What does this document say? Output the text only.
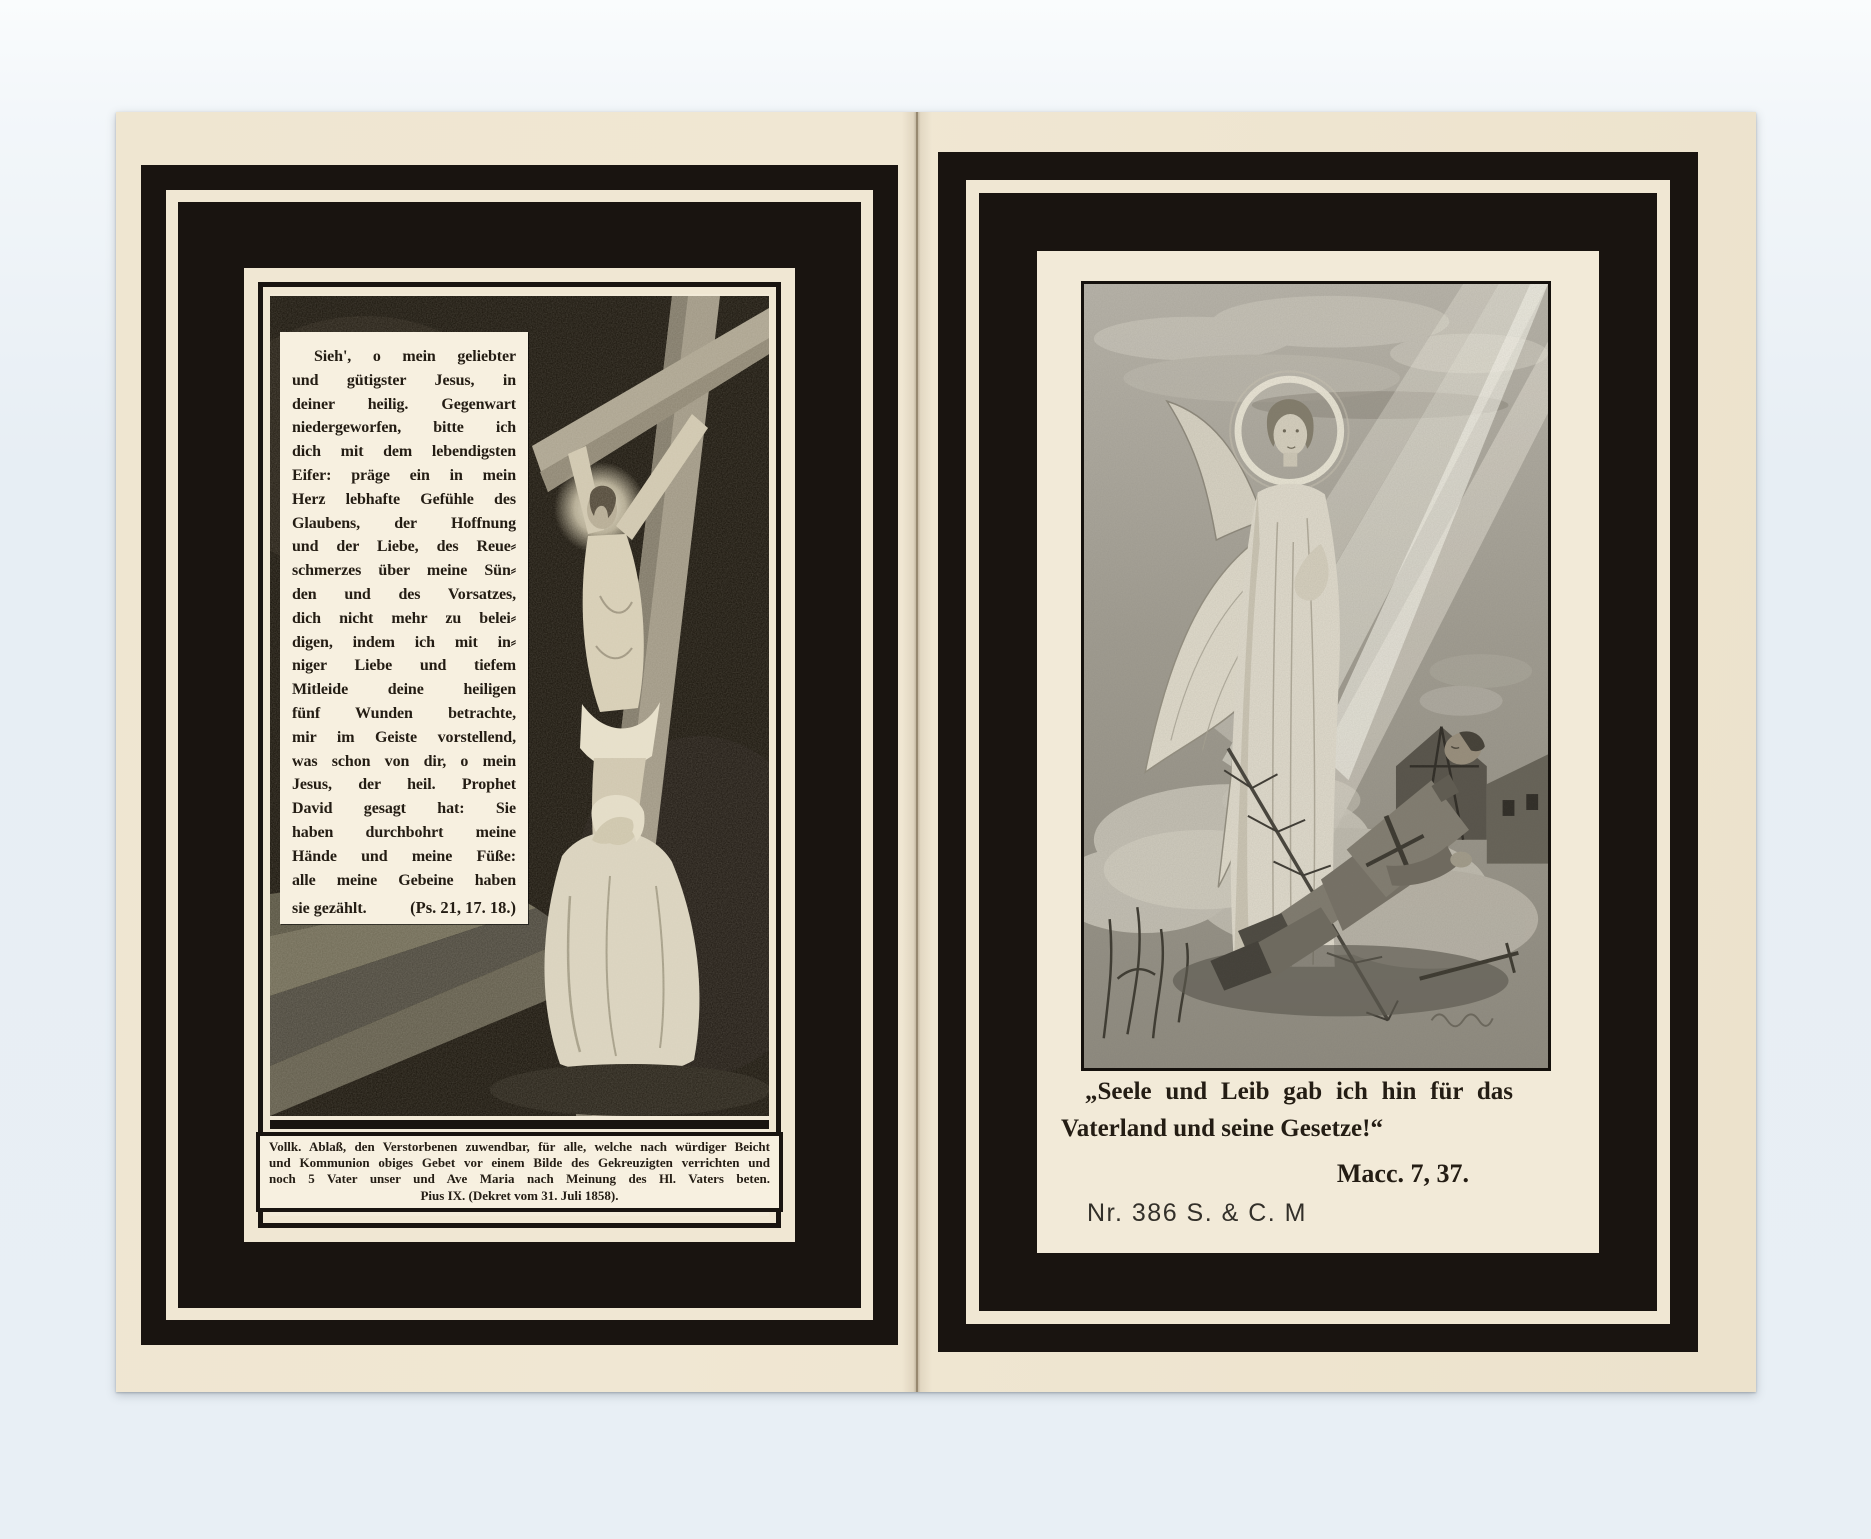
Sieh', o mein geliebter
und gütigster Jesus, in
deiner heilig. Gegenwart
niedergeworfen, bitte ich
dich mit dem lebendigsten
Eifer: präge ein in mein
Herz lebhafte Gefühle des
Glaubens, der Hoffnung
und der Liebe, des Reue⸗
schmerzes über meine Sün⸗
den und des Vorsatzes,
dich nicht mehr zu belei⸗
digen, indem ich mit in⸗
niger Liebe und tiefem
Mitleide deine heiligen
fünf Wunden betrachte,
mir im Geiste vorstellend,
was schon von dir, o mein
Jesus, der heil. Prophet
David gesagt hat: Sie
haben durchbohrt meine
Hände und meine Füße:
alle meine Gebeine haben
sie gezählt.	(Ps. 21, 17. 18.)
Vollk. Ablaß, den Verstorbenen zuwendbar, für alle, welche nach würdiger Beicht
und Kommunion obiges Gebet vor einem Bilde des Gekreuzigten verrichten und
noch 5 Vater unser und Ave Maria nach Meinung des Hl. Vaters beten.
Pius IX. (Dekret vom 31. Juli 1858).
„Seele und Leib gab ich hin für das
Vaterland und seine Gesetze!“
Macc. 7, 37.
Nr. 386 S. & C. M
